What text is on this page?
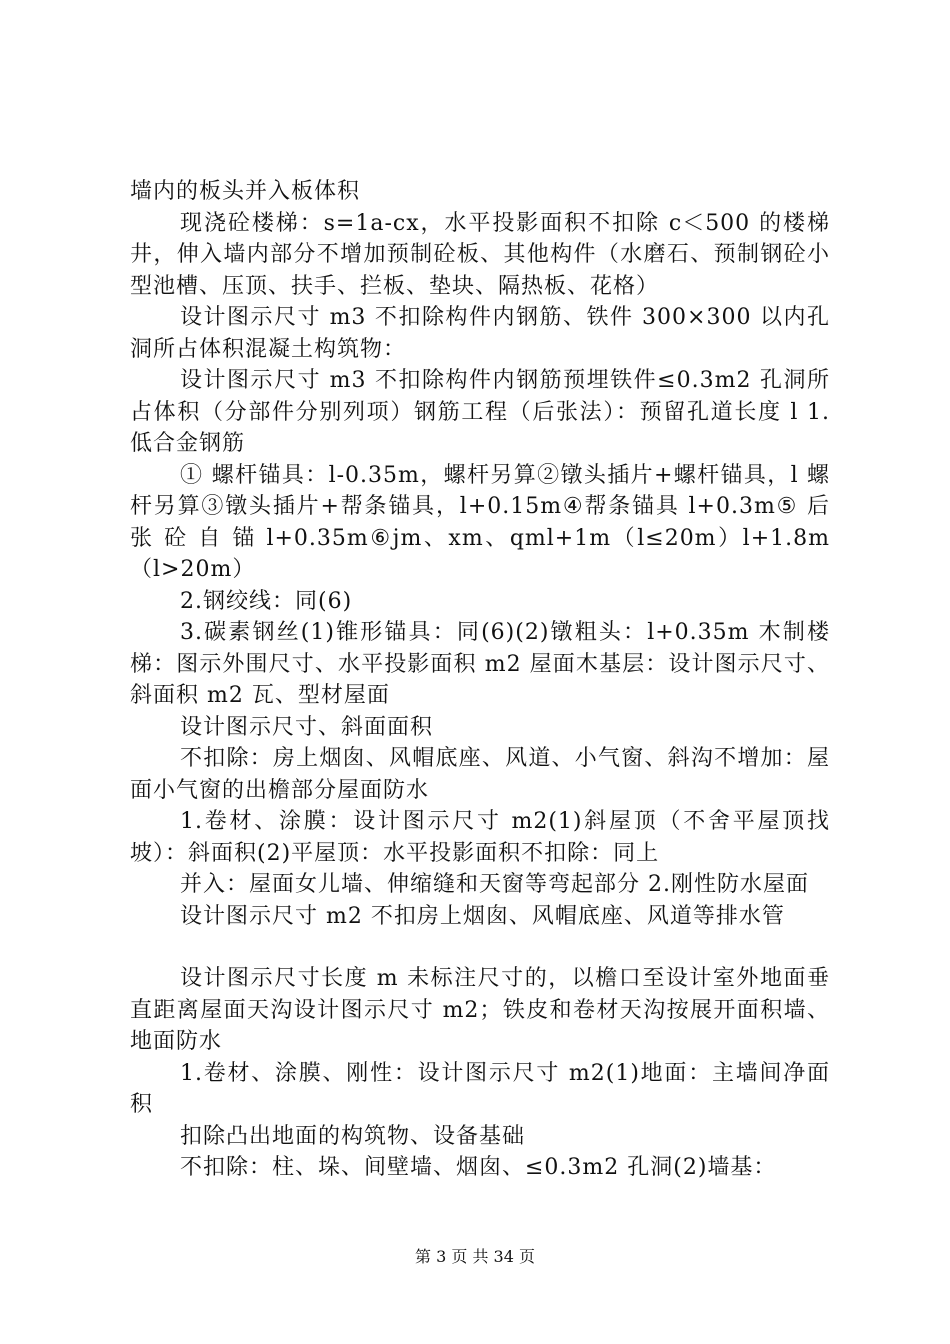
墙内的板头并入板体积

现浇砼楼梯：s=1a-cx，水平投影面积不扣除 c＜500 的楼梯井，伸入墙内部分不增加预制砼板、其他构件（水磨石、预制钢砼小型池槽、压顶、扶手、拦板、垫块、隔热板、花格）

设计图示尺寸 m3 不扣除构件内钢筋、铁件 300×300 以内孔洞所占体积混凝土构筑物：

设计图示尺寸 m3 不扣除构件内钢筋预埋铁件≤0.3m2 孔洞所占体积（分部件分别列项）钢筋工程（后张法）：预留孔道长度 l 1.低合金钢筋

① 螺杆锚具：l-0.35m，螺杆另算②镦头插片+螺杆锚具，l 螺杆另算③镦头插片+帮条锚具，l+0.15m④帮条锚具 l+0.3m⑤ 后 张 砼 自 锚 l+0.35m⑥jm、xm、qml+1m（l≤20m）l+1.8m（l>20m）

2.钢绞线：同(6)

3.碳素钢丝(1)锥形锚具：同(6)(2)镦粗头：l+0.35m 木制楼梯：图示外围尺寸、水平投影面积 m2 屋面木基层：设计图示尺寸、斜面积 m2 瓦、型材屋面

设计图示尺寸、斜面面积

不扣除：房上烟囱、风帽底座、风道、小气窗、斜沟不增加：屋面小气窗的出檐部分屋面防水

1.卷材、涂膜：设计图示尺寸 m2(1)斜屋顶（不舍平屋顶找坡）：斜面积(2)平屋顶：水平投影面积不扣除：同上

并入：屋面女儿墙、伸缩缝和天窗等弯起部分 2.刚性防水屋面

设计图示尺寸 m2 不扣房上烟囱、风帽底座、风道等排水管

设计图示尺寸长度 m 未标注尺寸的，以檐口至设计室外地面垂直距离屋面天沟设计图示尺寸 m2；铁皮和卷材天沟按展开面积墙、地面防水

1.卷材、涂膜、刚性：设计图示尺寸 m2(1)地面：主墙间净面积

扣除凸出地面的构筑物、设备基础

不扣除：柱、垛、间壁墙、烟囱、≤0.3m2 孔洞(2)墙基：

第 3 页 共 34 页
